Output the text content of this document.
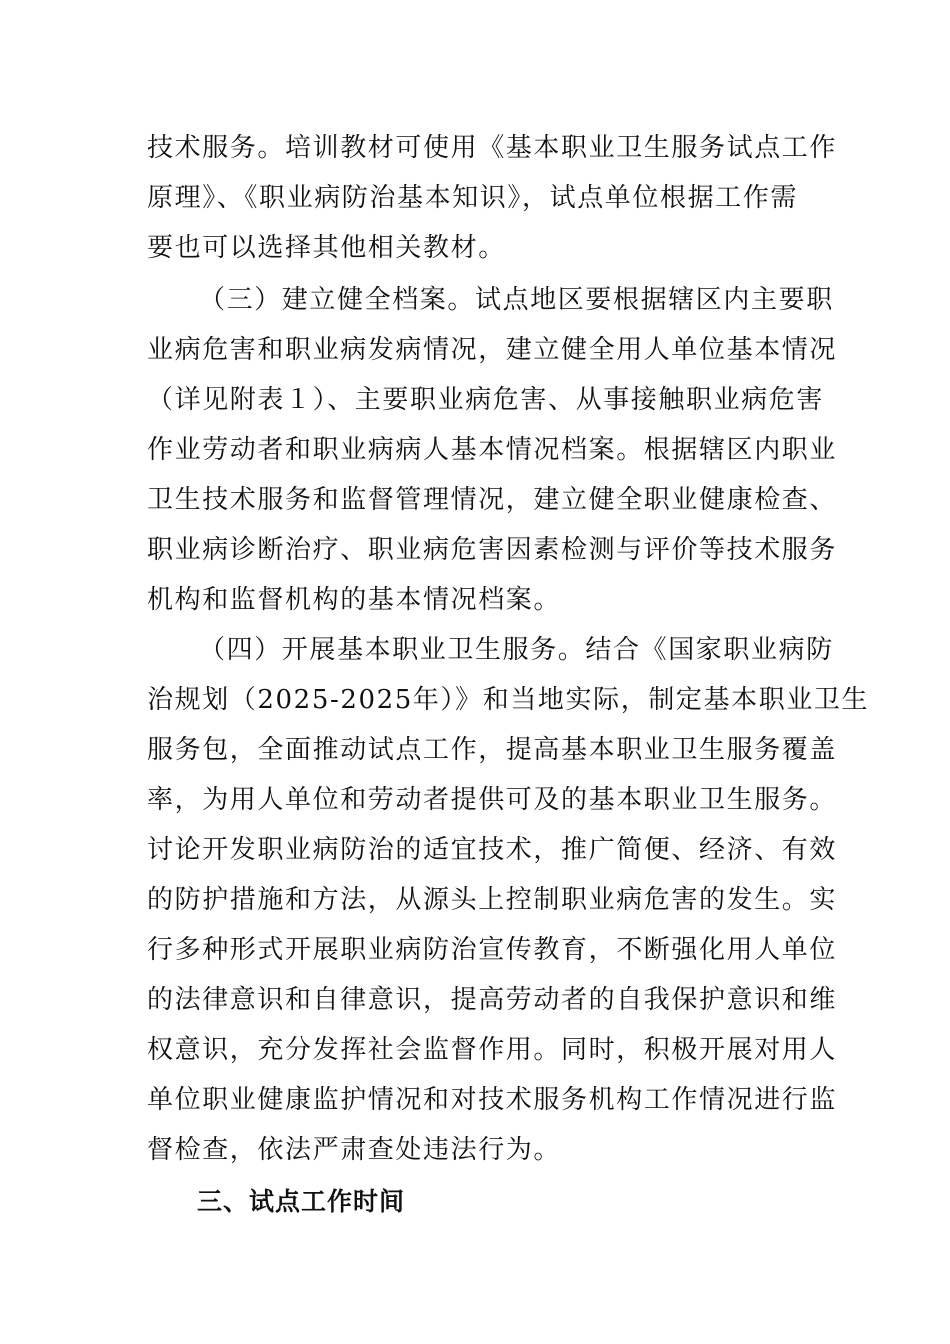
技术服务。培训教材可使用《基本职业卫生服务试点工作
原理》、《职业病防治基本知识》，试点单位根据工作需
要也可以选择其他相关教材。
（三）建立健全档案。试点地区要根据辖区内主要职
业病危害和职业病发病情况，建立健全用人单位基本情况
（详见附表１）、主要职业病危害、从事接触职业病危害
作业劳动者和职业病病人基本情况档案。根据辖区内职业
卫生技术服务和监督管理情况，建立健全职业健康检查、
职业病诊断治疗、职业病危害因素检测与评价等技术服务
机构和监督机构的基本情况档案。
（四）开展基本职业卫生服务。结合《国家职业病防
治规划（2025-2025年）》和当地实际，制定基本职业卫生
服务包，全面推动试点工作，提高基本职业卫生服务覆盖
率，为用人单位和劳动者提供可及的基本职业卫生服务。
讨论开发职业病防治的适宜技术，推广简便、经济、有效
的防护措施和方法，从源头上控制职业病危害的发生。实
行多种形式开展职业病防治宣传教育，不断强化用人单位
的法律意识和自律意识，提高劳动者的自我保护意识和维
权意识，充分发挥社会监督作用。同时，积极开展对用人
单位职业健康监护情况和对技术服务机构工作情况进行监
督检查，依法严肃查处违法行为。
三、试点工作时间
